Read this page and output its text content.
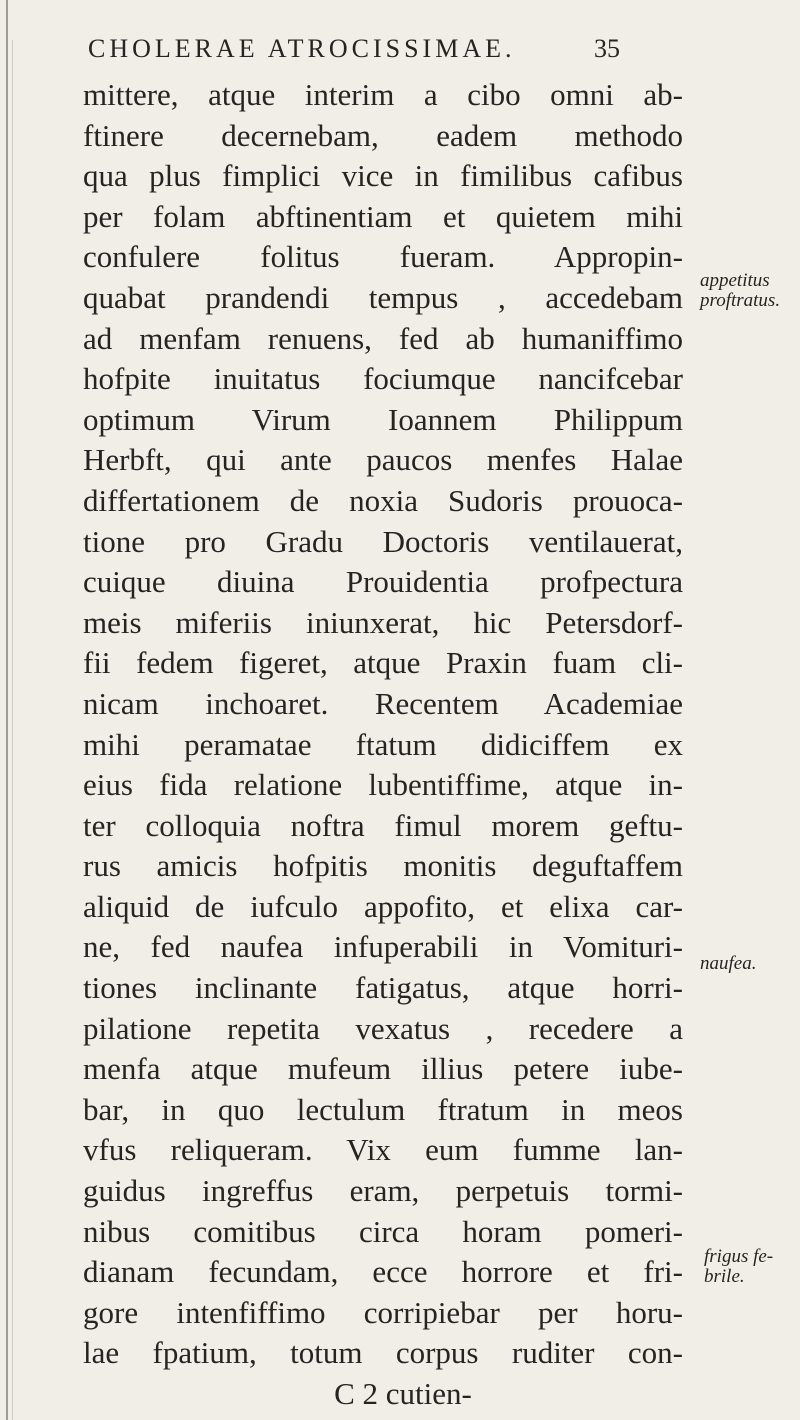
CHOLERAE ATROCISSIMAE.	35
mittere, atque interim a cibo omni ab-
ftinere decernebam, eadem methodo
qua plus fimplici vice in fimilibus cafibus
per folam abftinentiam et quietem mihi
confulere folitus fueram. Appropin-
quabat prandendi tempus , accedebam
ad menfam renuens, fed ab humaniffimo
hofpite inuitatus fociumque nancifcebar
optimum Virum Ioannem Philippum
Herbft, qui ante paucos menfes Halae
differtationem de noxia Sudoris prouoca-
tione pro Gradu Doctoris ventilauerat,
cuique diuina Prouidentia profpectura
meis miferiis iniunxerat, hic Petersdorf-
fii fedem figeret, atque Praxin fuam cli-
nicam inchoaret. Recentem Academiae
mihi peramatae ftatum didiciffem ex
eius fida relatione lubentiffime, atque in-
ter colloquia noftra fimul morem geftu-
rus amicis hofpitis monitis deguftaffem
aliquid de iufculo appofito, et elixa car-
ne, fed naufea infuperabili in Vomituri-
tiones inclinante fatigatus, atque horri-
pilatione repetita vexatus , recedere a
menfa atque mufeum illius petere iube-
bar, in quo lectulum ftratum in meos
vfus reliqueram. Vix eum fumme lan-
guidus ingreffus eram, perpetuis tormi-
nibus comitibus circa horam pomeri-
dianam fecundam, ecce horrore et fri-
gore intenfiffimo corripiebar per horu-
lae fpatium, totum corpus ruditer con-
C 2 cutien-
appetitus
proftratus.
naufea.
frigus fe-
brile.
